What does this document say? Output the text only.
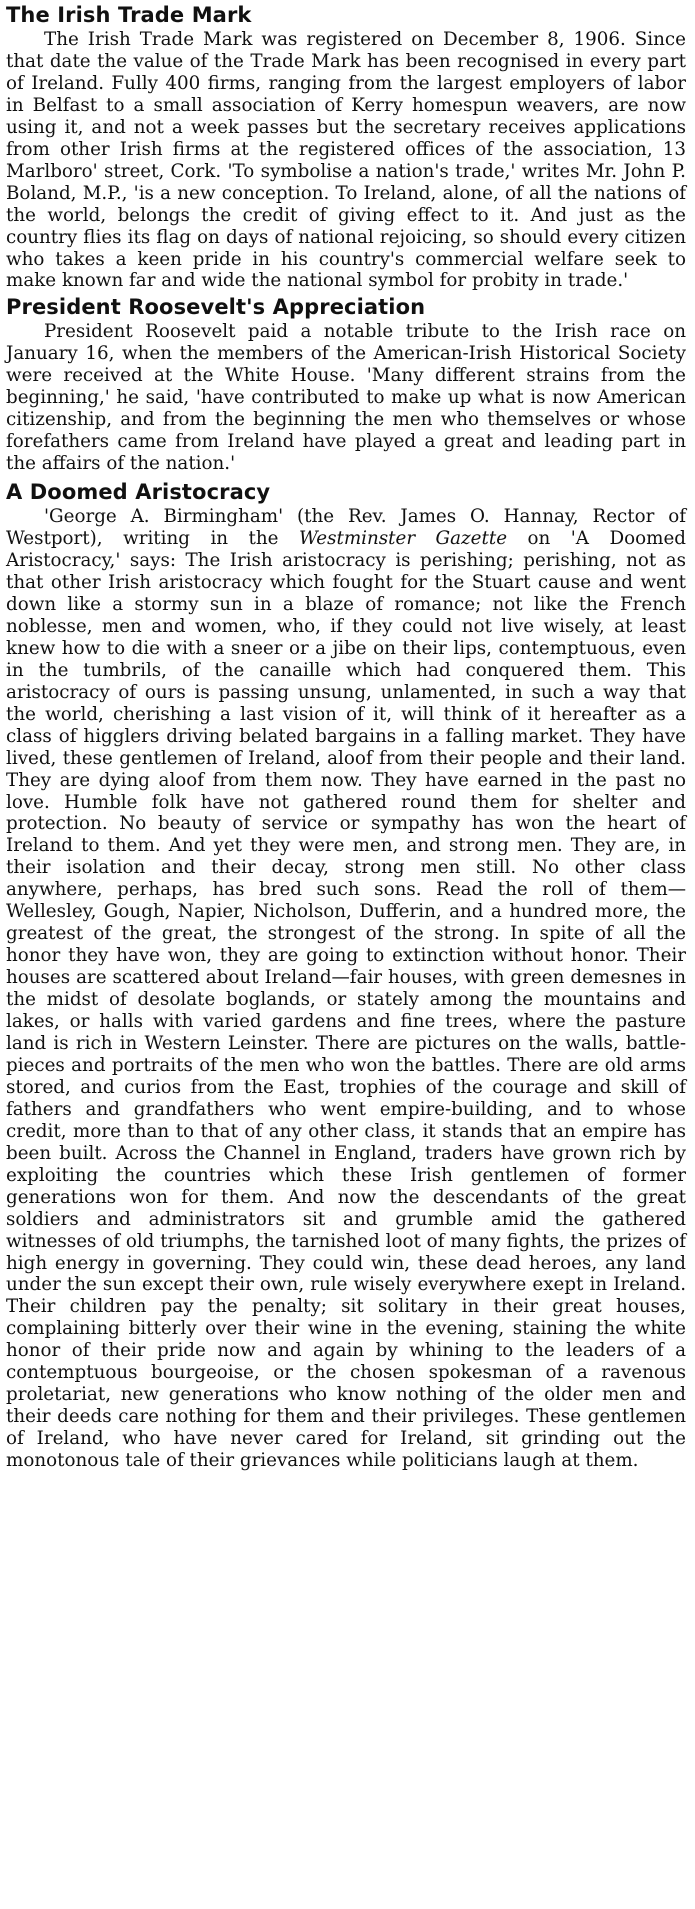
The Irish Trade Mark

The Irish Trade Mark was registered on December 8, 1906. Since that date the value of the Trade Mark has been recognised in every part of Ireland. Fully 400 firms, ranging from the largest employers of labor in Belfast to a small association of Kerry homespun weavers, are now using it, and not a week passes but the secretary receives applications from other Irish firms at the registered offices of the association, 13 Marlboro' street, Cork. 'To symbolise a nation's trade,' writes Mr. John P. Boland, M.P., 'is a new conception. To Ireland, alone, of all the nations of the world, belongs the credit of giving effect to it. And just as the country flies its flag on days of national rejoicing, so should every citizen who takes a keen pride in his country's commercial welfare seek to make known far and wide the national symbol for probity in trade.'

President Roosevelt's Appreciation

President Roosevelt paid a notable tribute to the Irish race on January 16, when the members of the American-Irish Historical Society were received at the White House. 'Many different strains from the beginning,' he said, 'have contributed to make up what is now American citizenship, and from the beginning the men who themselves or whose forefathers came from Ireland have played a great and leading part in the affairs of the nation.'

A Doomed Aristocracy

'George A. Birmingham' (the Rev. James O. Hannay, Rector of Westport), writing in the Westminster Gazette on 'A Doomed Aristocracy,' says: The Irish aristocracy is perishing; perishing, not as that other Irish aristocracy which fought for the Stuart cause and went down like a stormy sun in a blaze of romance; not like the French noblesse, men and women, who, if they could not live wisely, at least knew how to die with a sneer or a jibe on their lips, contemptuous, even in the tumbrils, of the canaille which had conquered them. This aristocracy of ours is passing unsung, unlamented, in such a way that the world, cherishing a last vision of it, will think of it hereafter as a class of higglers driving belated bargains in a falling market. They have lived, these gentlemen of Ireland, aloof from their people and their land. They are dying aloof from them now. They have earned in the past no love. Humble folk have not gathered round them for shelter and protection. No beauty of service or sympathy has won the heart of Ireland to them. And yet they were men, and strong men. They are, in their isolation and their decay, strong men still. No other class anywhere, perhaps, has bred such sons. Read the roll of them—Wellesley, Gough, Napier, Nicholson, Dufferin, and a hundred more, the greatest of the great, the strongest of the strong. In spite of all the honor they have won, they are going to extinction without honor. Their houses are scattered about Ireland—fair houses, with green demesnes in the midst of desolate boglands, or stately among the mountains and lakes, or halls with varied gardens and fine trees, where the pasture land is rich in Western Leinster. There are pictures on the walls, battle-pieces and portraits of the men who won the battles. There are old arms stored, and curios from the East, trophies of the courage and skill of fathers and grandfathers who went empire-building, and to whose credit, more than to that of any other class, it stands that an empire has been built. Across the Channel in England, traders have grown rich by exploiting the countries which these Irish gentlemen of former generations won for them. And now the descendants of the great soldiers and administrators sit and grumble amid the gathered witnesses of old triumphs, the tarnished loot of many fights, the prizes of high energy in governing. They could win, these dead heroes, any land under the sun except their own, rule wisely everywhere exept in Ireland. Their children pay the penalty; sit solitary in their great houses, complaining bitterly over their wine in the evening, staining the white honor of their pride now and again by whining to the leaders of a contemptuous bourgeoise, or the chosen spokesman of a ravenous proletariat, new generations who know nothing of the older men and their deeds care nothing for them and their privileges. These gentlemen of Ireland, who have never cared for Ireland, sit grinding out the monotonous tale of their grievances while politicians laugh at them.
